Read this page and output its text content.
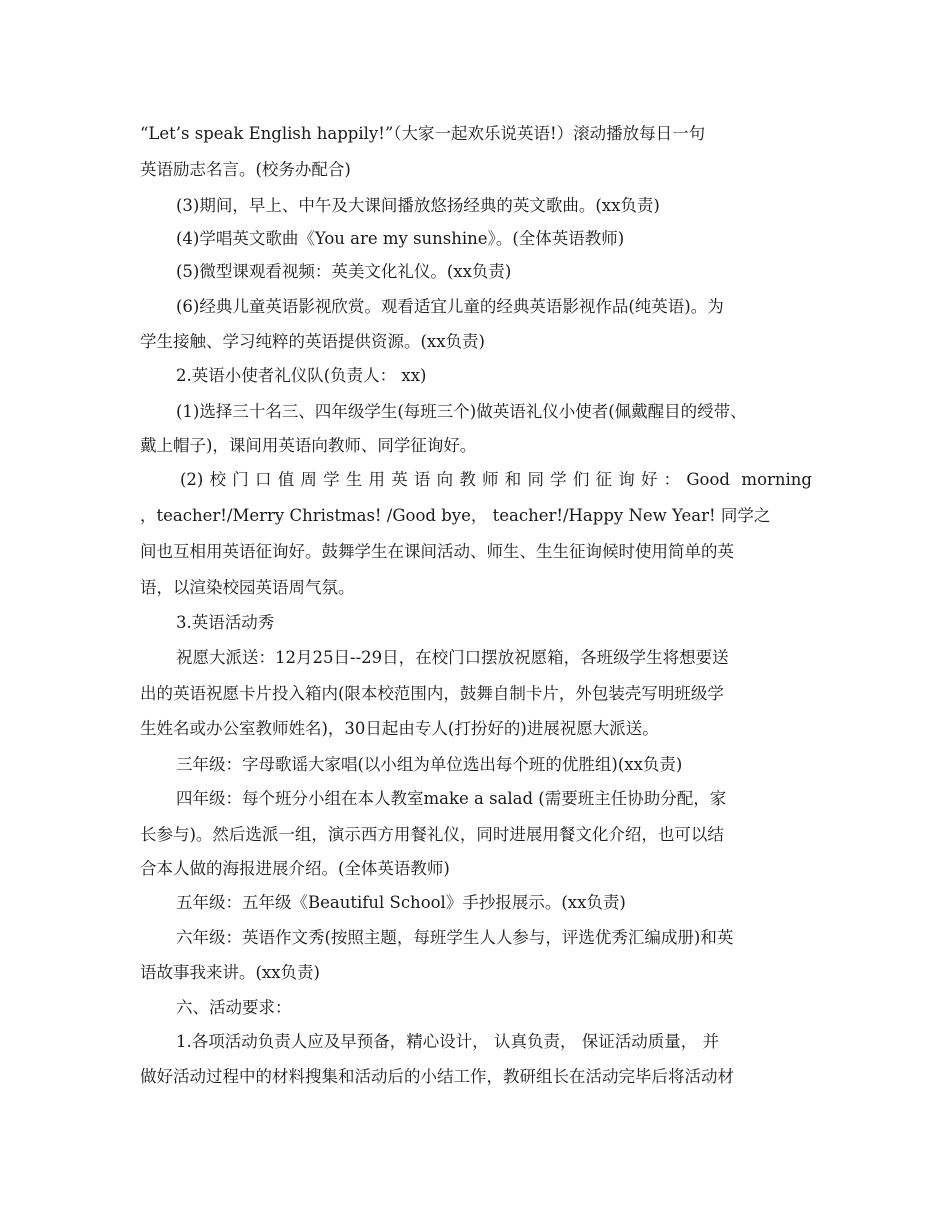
“Let’s speak English happily!”（大家一起欢乐说英语!）滚动播放每日一句
英语励志名言。(校务办配合)
(3)期间，早上、中午及大课间播放悠扬经典的英文歌曲。(xx负责)
(4)学唱英文歌曲《You are my sunshine》。(全体英语教师)
(5)微型课观看视频：英美文化礼仪。(xx负责)
(6)经典儿童英语影视欣赏。观看适宜儿童的经典英语影视作品(纯英语)。为
学生接触、学习纯粹的英语提供资源。(xx负责)
2.英语小使者礼仪队(负责人： xx)
(1)选择三十名三、四年级学生(每班三个)做英语礼仪小使者(佩戴醒目的绶带、
戴上帽子)，课间用英语向教师、同学征询好。
(2)校门口值周学生用英语向教师和同学们征询好：Good morning
，teacher!/Merry Christmas! /Good bye， teacher!/Happy New Year! 同学之
间也互相用英语征询好。鼓舞学生在课间活动、师生、生生征询候时使用简单的英
语，以渲染校园英语周气氛。
3.英语活动秀
祝愿大派送：12月25日--29日，在校门口摆放祝愿箱，各班级学生将想要送
出的英语祝愿卡片投入箱内(限本校范围内，鼓舞自制卡片，外包装壳写明班级学
生姓名或办公室教师姓名)，30日起由专人(打扮好的)进展祝愿大派送。
三年级：字母歌谣大家唱(以小组为单位选出每个班的优胜组)(xx负责)
四年级：每个班分小组在本人教室make a salad (需要班主任协助分配，家
长参与)。然后选派一组，演示西方用餐礼仪，同时进展用餐文化介绍，也可以结
合本人做的海报进展介绍。(全体英语教师)
五年级：五年级《Beautiful School》手抄报展示。(xx负责)
六年级：英语作文秀(按照主题，每班学生人人参与，评选优秀汇编成册)和英
语故事我来讲。(xx负责)
六、活动要求：
1.各项活动负责人应及早预备，精心设计， 认真负责， 保证活动质量， 并
做好活动过程中的材料搜集和活动后的小结工作，教研组长在活动完毕后将活动材
